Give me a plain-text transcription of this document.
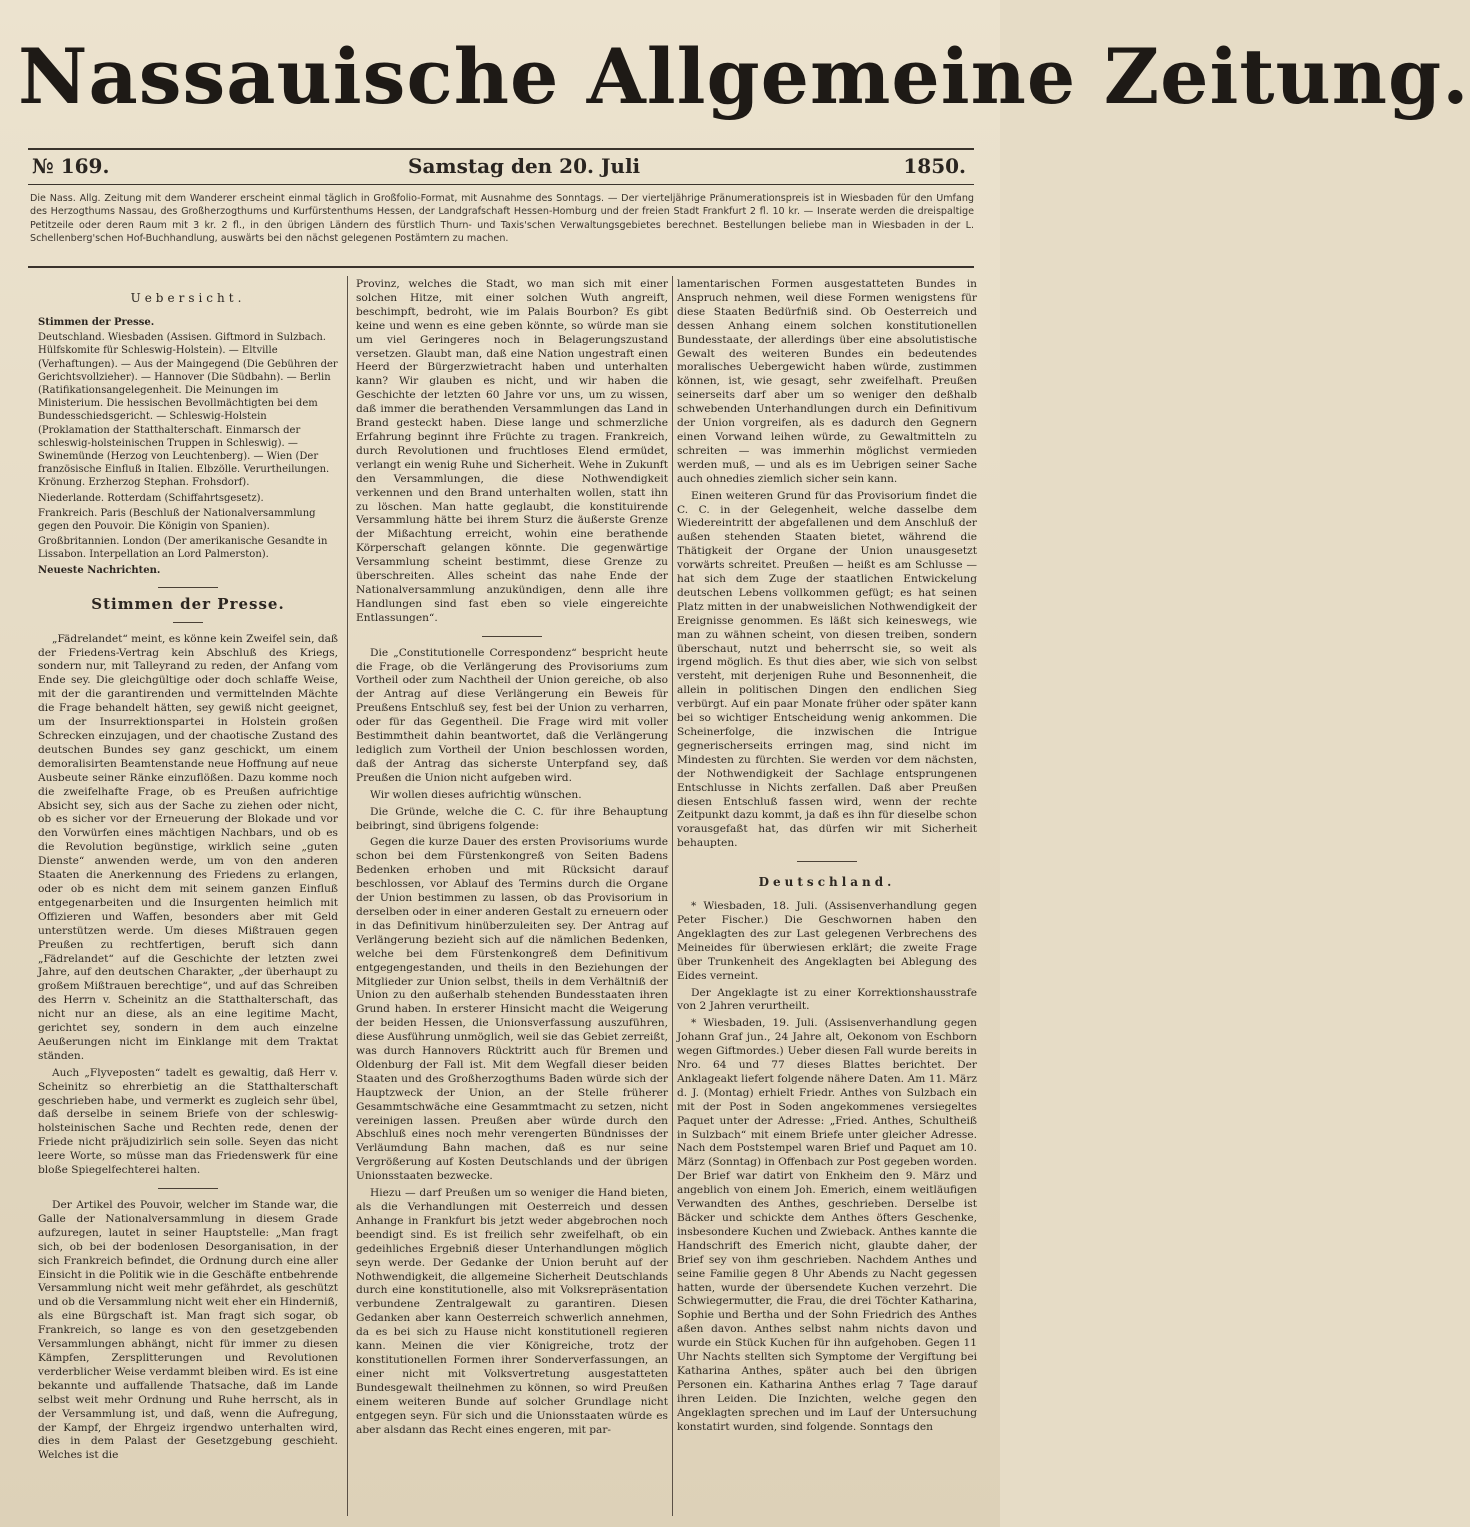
Nassauische Allgemeine Zeitung.
№ 169.	Samstag den 20. Juli	1850.
Die Nass. Allg. Zeitung mit dem Wanderer erscheint einmal täglich in Großfolio-Format, mit Ausnahme des Sonntags. — Der vierteljährige Pränumerationspreis ist in Wiesbaden für den Umfang des Herzogthums Nassau, des Großherzogthums und Kurfürstenthums Hessen, der Landgrafschaft Hessen-Homburg und der freien Stadt Frankfurt 2 fl. 10 kr. — Inserate werden die dreispaltige Petitzeile oder deren Raum mit 3 kr. 2 fl., in den übrigen Ländern des fürstlich Thurn- und Taxis'schen Verwaltungsgebietes berechnet. Bestellungen beliebe man in Wiesbaden in der L. Schellenberg'schen Hof-Buchhandlung, auswärts bei den nächst gelegenen Postämtern zu machen.
Uebersicht.

Stimmen der Presse.

Deutschland. Wiesbaden (Assisen. Giftmord in Sulzbach. Hülfskomite für Schleswig-Holstein). — Eltville (Verhaftungen). — Aus der Maingegend (Die Gebühren der Gerichtsvollzieher). — Hannover (Die Südbahn). — Berlin (Ratifikationsangelegenheit. Die Meinungen im Ministerium. Die hessischen Bevollmächtigten bei dem Bundesschiedsgericht. — Schleswig-Holstein (Proklamation der Statthalterschaft. Einmarsch der schleswig-holsteinischen Truppen in Schleswig). — Swinemünde (Herzog von Leuchtenberg). — Wien (Der französische Einfluß in Italien. Elbzölle. Verurtheilungen. Krönung. Erzherzog Stephan. Frohsdorf).

Niederlande. Rotterdam (Schiffahrtsgesetz).

Frankreich. Paris (Beschluß der Nationalversammlung gegen den Pouvoir. Die Königin von Spanien).

Großbritannien. London (Der amerikanische Gesandte in Lissabon. Interpellation an Lord Palmerston).

Neueste Nachrichten.

Stimmen der Presse.

„Fädrelandet“ meint, es könne kein Zweifel sein, daß der Friedens-Vertrag kein Abschluß des Kriegs, sondern nur, mit Talleyrand zu reden, der Anfang vom Ende sey. Die gleichgültige oder doch schlaffe Weise, mit der die garantirenden und vermittelnden Mächte die Frage behandelt hätten, sey gewiß nicht geeignet, um der Insurrektionspartei in Holstein großen Schrecken einzujagen, und der chaotische Zustand des deutschen Bundes sey ganz geschickt, um einem demoralisirten Beamtenstande neue Hoffnung auf neue Ausbeute seiner Ränke einzuflößen. Dazu komme noch die zweifelhafte Frage, ob es Preußen aufrichtige Absicht sey, sich aus der Sache zu ziehen oder nicht, ob es sicher vor der Erneuerung der Blokade und vor den Vorwürfen eines mächtigen Nachbars, und ob es die Revolution begünstige, wirklich seine „guten Dienste“ anwenden werde, um von den anderen Staaten die Anerkennung des Friedens zu erlangen, oder ob es nicht dem mit seinem ganzen Einfluß entgegenarbeiten und die Insurgenten heimlich mit Offizieren und Waffen, besonders aber mit Geld unterstützen werde. Um dieses Mißtrauen gegen Preußen zu rechtfertigen, beruft sich dann „Fädrelandet“ auf die Geschichte der letzten zwei Jahre, auf den deutschen Charakter, „der überhaupt zu großem Mißtrauen berechtige“, und auf das Schreiben des Herrn v. Scheinitz an die Statthalterschaft, das nicht nur an diese, als an eine legitime Macht, gerichtet sey, sondern in dem auch einzelne Aeußerungen nicht im Einklange mit dem Traktat ständen.

Auch „Flyveposten“ tadelt es gewaltig, daß Herr v. Scheinitz so ehrerbietig an die Statthalterschaft geschrieben habe, und vermerkt es zugleich sehr übel, daß derselbe in seinem Briefe von der schleswig-holsteinischen Sache und Rechten rede, denen der Friede nicht präjudizirlich sein solle. Seyen das nicht leere Worte, so müsse man das Friedenswerk für eine bloße Spiegelfechterei halten.

Der Artikel des Pouvoir, welcher im Stande war, die Galle der Nationalversammlung in diesem Grade aufzuregen, lautet in seiner Hauptstelle: „Man fragt sich, ob bei der bodenlosen Desorganisation, in der sich Frankreich befindet, die Ordnung durch eine aller Einsicht in die Politik wie in die Geschäfte entbehrende Versammlung nicht weit mehr gefährdet, als geschützt und ob die Versammlung nicht weit eher ein Hinderniß, als eine Bürgschaft ist. Man fragt sich sogar, ob Frankreich, so lange es von den gesetzgebenden Versammlungen abhängt, nicht für immer zu diesen Kämpfen, Zersplitterungen und Revolutionen verderblicher Weise verdammt bleiben wird. Es ist eine bekannte und auffallende Thatsache, daß im Lande selbst weit mehr Ordnung und Ruhe herrscht, als in der Versammlung ist, und daß, wenn die Aufregung, der Kampf, der Ehrgeiz irgendwo unterhalten wird, dies in dem Palast der Gesetzgebung geschieht. Welches ist die

Provinz, welches die Stadt, wo man sich mit einer solchen Hitze, mit einer solchen Wuth angreift, beschimpft, bedroht, wie im Palais Bourbon? Es gibt keine und wenn es eine geben könnte, so würde man sie um viel Geringeres noch in Belagerungszustand versetzen. Glaubt man, daß eine Nation ungestraft einen Heerd der Bürgerzwietracht haben und unterhalten kann? Wir glauben es nicht, und wir haben die Geschichte der letzten 60 Jahre vor uns, um zu wissen, daß immer die berathenden Versammlungen das Land in Brand gesteckt haben. Diese lange und schmerzliche Erfahrung beginnt ihre Früchte zu tragen. Frankreich, durch Revolutionen und fruchtloses Elend ermüdet, verlangt ein wenig Ruhe und Sicherheit. Wehe in Zukunft den Versammlungen, die diese Nothwendigkeit verkennen und den Brand unterhalten wollen, statt ihn zu löschen. Man hatte geglaubt, die konstituirende Versammlung hätte bei ihrem Sturz die äußerste Grenze der Mißachtung erreicht, wohin eine berathende Körperschaft gelangen könnte. Die gegenwärtige Versammlung scheint bestimmt, diese Grenze zu überschreiten. Alles scheint das nahe Ende der Nationalversammlung anzukündigen, denn alle ihre Handlungen sind fast eben so viele eingereichte Entlassungen“.

Die „Constitutionelle Correspondenz“ bespricht heute die Frage, ob die Verlängerung des Provisoriums zum Vortheil oder zum Nachtheil der Union gereiche, ob also der Antrag auf diese Verlängerung ein Beweis für Preußens Entschluß sey, fest bei der Union zu verharren, oder für das Gegentheil. Die Frage wird mit voller Bestimmtheit dahin beantwortet, daß die Verlängerung lediglich zum Vortheil der Union beschlossen worden, daß der Antrag das sicherste Unterpfand sey, daß Preußen die Union nicht aufgeben wird.

Wir wollen dieses aufrichtig wünschen.

Die Gründe, welche die C. C. für ihre Behauptung beibringt, sind übrigens folgende:

Gegen die kurze Dauer des ersten Provisoriums wurde schon bei dem Fürstenkongreß von Seiten Badens Bedenken erhoben und mit Rücksicht darauf beschlossen, vor Ablauf des Termins durch die Organe der Union bestimmen zu lassen, ob das Provisorium in derselben oder in einer anderen Gestalt zu erneuern oder in das Definitivum hinüberzuleiten sey. Der Antrag auf Verlängerung bezieht sich auf die nämlichen Bedenken, welche bei dem Fürstenkongreß dem Definitivum entgegengestanden, und theils in den Beziehungen der Mitglieder zur Union selbst, theils in dem Verhältniß der Union zu den außerhalb stehenden Bundesstaaten ihren Grund haben. In ersterer Hinsicht macht die Weigerung der beiden Hessen, die Unionsverfassung auszuführen, diese Ausführung unmöglich, weil sie das Gebiet zerreißt, was durch Hannovers Rücktritt auch für Bremen und Oldenburg der Fall ist. Mit dem Wegfall dieser beiden Staaten und des Großherzogthums Baden würde sich der Hauptzweck der Union, an der Stelle früherer Gesammtschwäche eine Gesammtmacht zu setzen, nicht vereinigen lassen. Preußen aber würde durch den Abschluß eines noch mehr verengerten Bündnisses der Verläumdung Bahn machen, daß es nur seine Vergrößerung auf Kosten Deutschlands und der übrigen Unionsstaaten bezwecke.

Hiezu — darf Preußen um so weniger die Hand bieten, als die Verhandlungen mit Oesterreich und dessen Anhange in Frankfurt bis jetzt weder abgebrochen noch beendigt sind. Es ist freilich sehr zweifelhaft, ob ein gedeihliches Ergebniß dieser Unterhandlungen möglich seyn werde. Der Gedanke der Union beruht auf der Nothwendigkeit, die allgemeine Sicherheit Deutschlands durch eine konstitutionelle, also mit Volksrepräsentation verbundene Zentralgewalt zu garantiren. Diesen Gedanken aber kann Oesterreich schwerlich annehmen, da es bei sich zu Hause nicht konstitutionell regieren kann. Meinen die vier Königreiche, trotz der konstitutionellen Formen ihrer Sonderverfassungen, an einer nicht mit Volksvertretung ausgestatteten Bundesgewalt theilnehmen zu können, so wird Preußen einem weiteren Bunde auf solcher Grundlage nicht entgegen seyn. Für sich und die Unionsstaaten würde es aber alsdann das Recht eines engeren, mit par-

lamentarischen Formen ausgestatteten Bundes in Anspruch nehmen, weil diese Formen wenigstens für diese Staaten Bedürfniß sind. Ob Oesterreich und dessen Anhang einem solchen konstitutionellen Bundesstaate, der allerdings über eine absolutistische Gewalt des weiteren Bundes ein bedeutendes moralisches Uebergewicht haben würde, zustimmen können, ist, wie gesagt, sehr zweifelhaft. Preußen seinerseits darf aber um so weniger den deßhalb schwebenden Unterhandlungen durch ein Definitivum der Union vorgreifen, als es dadurch den Gegnern einen Vorwand leihen würde, zu Gewaltmitteln zu schreiten — was immerhin möglichst vermieden werden muß, — und als es im Uebrigen seiner Sache auch ohnedies ziemlich sicher sein kann.

Einen weiteren Grund für das Provisorium findet die C. C. in der Gelegenheit, welche dasselbe dem Wiedereintritt der abgefallenen und dem Anschluß der außen stehenden Staaten bietet, während die Thätigkeit der Organe der Union unausgesetzt vorwärts schreitet. Preußen — heißt es am Schlusse — hat sich dem Zuge der staatlichen Entwickelung deutschen Lebens vollkommen gefügt; es hat seinen Platz mitten in der unabweislichen Nothwendigkeit der Ereignisse genommen. Es läßt sich keineswegs, wie man zu wähnen scheint, von diesen treiben, sondern überschaut, nutzt und beherrscht sie, so weit als irgend möglich. Es thut dies aber, wie sich von selbst versteht, mit derjenigen Ruhe und Besonnenheit, die allein in politischen Dingen den endlichen Sieg verbürgt. Auf ein paar Monate früher oder später kann bei so wichtiger Entscheidung wenig ankommen. Die Scheinerfolge, die inzwischen die Intrigue gegnerischerseits erringen mag, sind nicht im Mindesten zu fürchten. Sie werden vor dem nächsten, der Nothwendigkeit der Sachlage entsprungenen Entschlusse in Nichts zerfallen. Daß aber Preußen diesen Entschluß fassen wird, wenn der rechte Zeitpunkt dazu kommt, ja daß es ihn für dieselbe schon vorausgefaßt hat, das dürfen wir mit Sicherheit behaupten.

Deutschland.

* Wiesbaden, 18. Juli. (Assisenverhandlung gegen Peter Fischer.) Die Geschwornen haben den Angeklagten des zur Last gelegenen Verbrechens des Meineides für überwiesen erklärt; die zweite Frage über Trunkenheit des Angeklagten bei Ablegung des Eides verneint.

Der Angeklagte ist zu einer Korrektionshausstrafe von 2 Jahren verurtheilt.

* Wiesbaden, 19. Juli. (Assisenverhandlung gegen Johann Graf jun., 24 Jahre alt, Oekonom von Eschborn wegen Giftmordes.) Ueber diesen Fall wurde bereits in Nro. 64 und 77 dieses Blattes berichtet. Der Anklageakt liefert folgende nähere Daten. Am 11. März d. J. (Montag) erhielt Friedr. Anthes von Sulzbach ein mit der Post in Soden angekommenes versiegeltes Paquet unter der Adresse: „Fried. Anthes, Schultheiß in Sulzbach“ mit einem Briefe unter gleicher Adresse. Nach dem Poststempel waren Brief und Paquet am 10. März (Sonntag) in Offenbach zur Post gegeben worden. Der Brief war datirt von Enkheim den 9. März und angeblich von einem Joh. Emerich, einem weitläufigen Verwandten des Anthes, geschrieben. Derselbe ist Bäcker und schickte dem Anthes öfters Geschenke, insbesondere Kuchen und Zwieback. Anthes kannte die Handschrift des Emerich nicht, glaubte daher, der Brief sey von ihm geschrieben. Nachdem Anthes und seine Familie gegen 8 Uhr Abends zu Nacht gegessen hatten, wurde der übersendete Kuchen verzehrt. Die Schwiegermutter, die Frau, die drei Töchter Katharina, Sophie und Bertha und der Sohn Friedrich des Anthes aßen davon. Anthes selbst nahm nichts davon und wurde ein Stück Kuchen für ihn aufgehoben. Gegen 11 Uhr Nachts stellten sich Symptome der Vergiftung bei Katharina Anthes, später auch bei den übrigen Personen ein. Katharina Anthes erlag 7 Tage darauf ihren Leiden. Die Inzichten, welche gegen den Angeklagten sprechen und im Lauf der Untersuchung konstatirt wurden, sind folgende. Sonntags den
